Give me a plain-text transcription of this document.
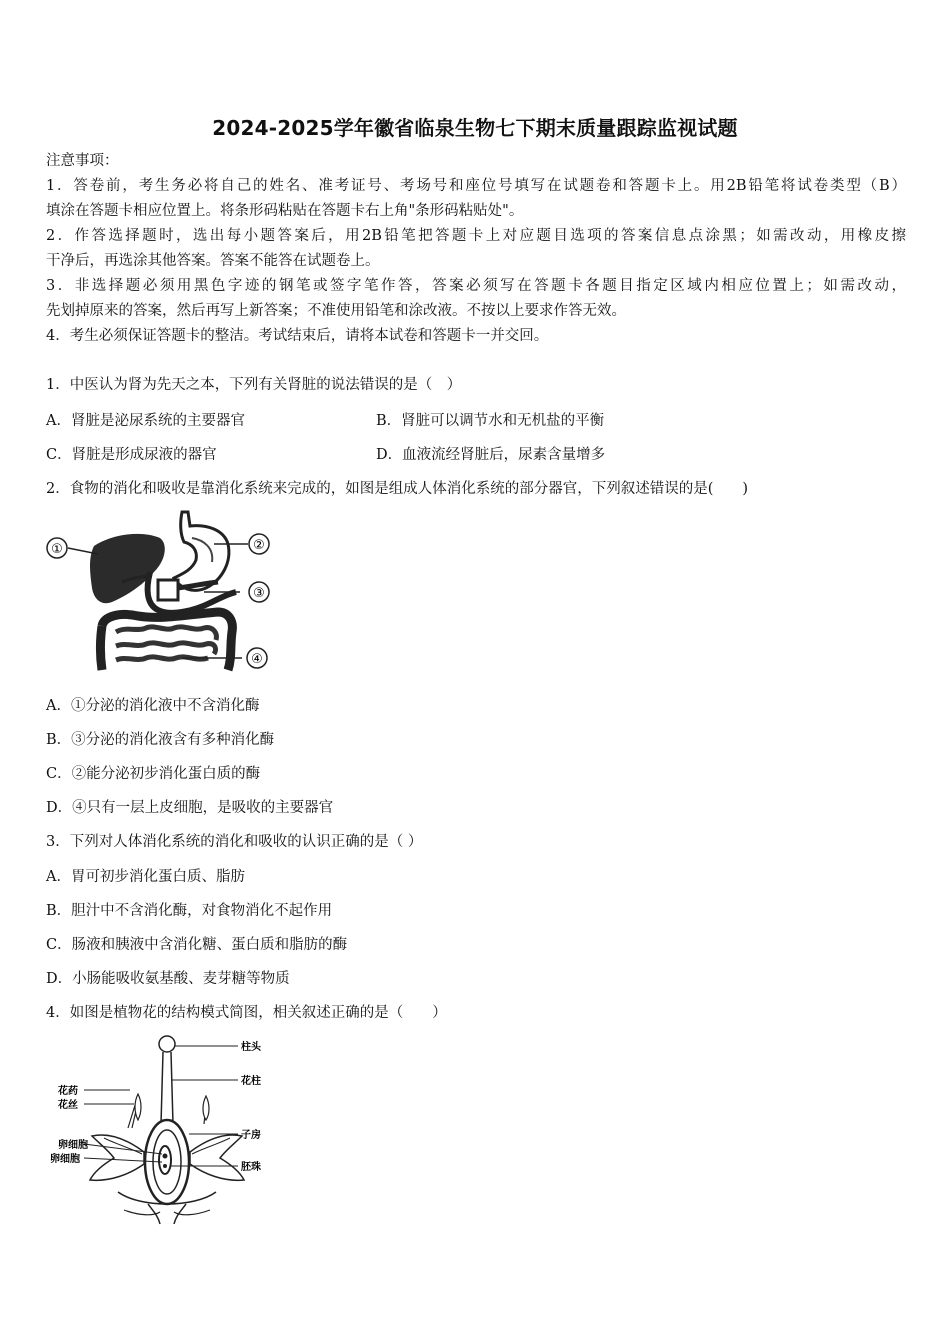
2024-2025学年徽省临泉生物七下期末质量跟踪监视试题
注意事项：
1．答卷前，考生务必将自己的姓名、准考证号、考场号和座位号填写在试题卷和答题卡上。用2B铅笔将试卷类型（B）
填涂在答题卡相应位置上。将条形码粘贴在答题卡右上角"条形码粘贴处"。
2．作答选择题时，选出每小题答案后，用2B铅笔把答题卡上对应题目选项的答案信息点涂黑；如需改动，用橡皮擦
干净后，再选涂其他答案。答案不能答在试题卷上。
3．非选择题必须用黑色字迹的钢笔或签字笔作答，答案必须写在答题卡各题目指定区域内相应位置上；如需改动，
先划掉原来的答案，然后再写上新答案；不准使用铅笔和涂改液。不按以上要求作答无效。
4．考生必须保证答题卡的整洁。考试结束后，请将本试卷和答题卡一并交回。
1．中医认为肾为先天之本，下列有关肾脏的说法错误的是（　）
A．肾脏是泌尿系统的主要器官	B．肾脏可以调节水和无机盐的平衡
C．肾脏是形成尿液的器官	D．血液流经肾脏后，尿素含量增多
2．食物的消化和吸收是靠消化系统来完成的，如图是组成人体消化系统的部分器官，下列叙述错误的是(　　)
①	②
③
④
A．①分泌的消化液中不含消化酶
B．③分泌的消化液含有多种消化酶
C．②能分泌初步消化蛋白质的酶
D．④只有一层上皮细胞，是吸收的主要器官
3．下列对人体消化系统的消化和吸收的认识正确的是（ ）
A．胃可初步消化蛋白质、脂肪
B．胆汁中不含消化酶，对食物消化不起作用
C．肠液和胰液中含消化糖、蛋白质和脂肪的酶
D．小肠能吸收氨基酸、麦芽糖等物质
4．如图是植物花的结构模式简图，相关叙述正确的是（　　）
柱头
花柱
子房
胚珠
花药
花丝
卵细胞
卵细胞
